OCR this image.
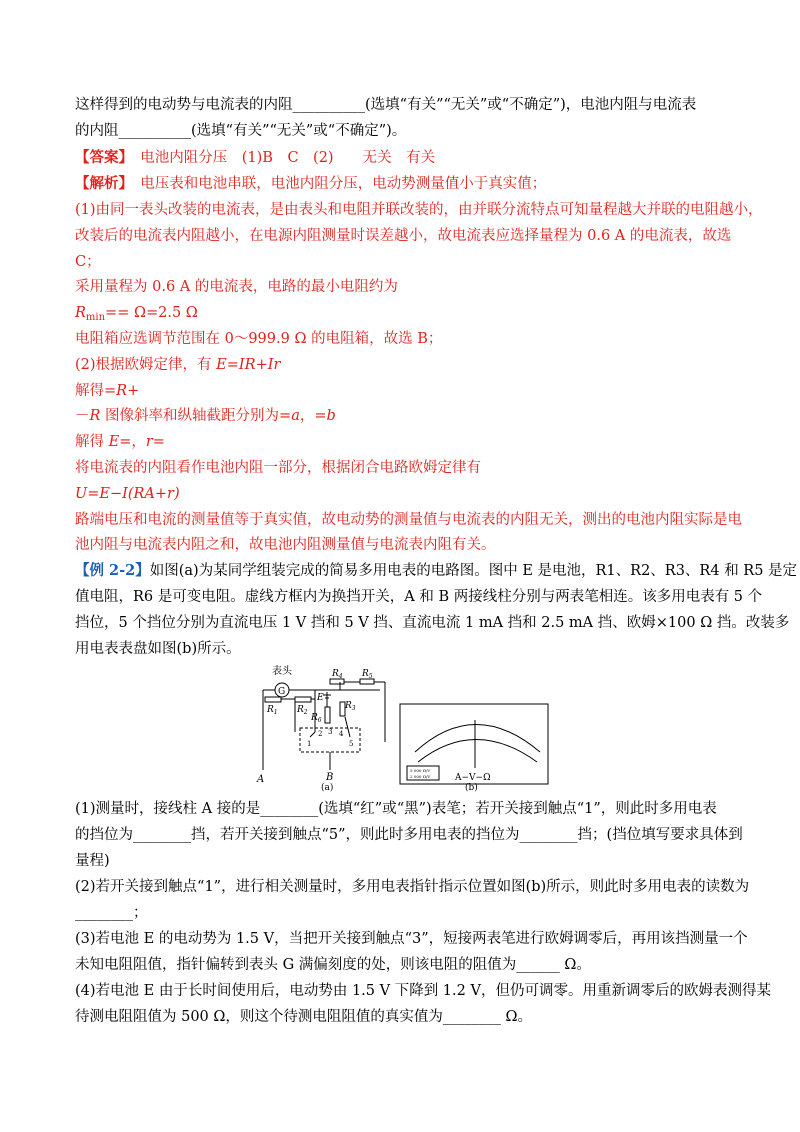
这样得到的电动势与电流表的内阻__________(选填“有关”“无关”或“不确定”)，电池内阻与电流表
的内阻__________(选填“有关”“无关”或“不确定”)。
【答案】　电池内阻分压　(1)B　C　(2)　　无关　有关
【解析】　电压表和电池串联，电池内阻分压，电动势测量值小于真实值；
(1)由同一表头改装的电流表，是由表头和电阻并联改装的，由并联分流特点可知量程越大并联的电阻越小，
改装后的电流表内阻越小，在电源内阻测量时误差越小，故电流表应选择量程为 0.6 A 的电流表，故选
C；
采用量程为 0.6 A 的电流表，电路的最小电阻约为
$R_{min}== \Omega=2.5$ Ω
电阻箱应选调节范围在 0～999.9 Ω 的电阻箱，故选 B；
(2)根据欧姆定律，有 E=IR+Ir
解得=R+
－R 图像斜率和纵轴截距分别为=a，=b
解得 E=，r=
将电流表的内阻看作电池内阻一部分，根据闭合电路欧姆定律有
U=E−I(RA+r)
路端电压和电流的测量值等于真实值，故电动势的测量值与电流表的内阻无关，测出的电池内阻实际是电
池内阻与电流表内阻之和，故电池内阻测量值与电流表内阻有关。
【例 2-2】如图(a)为某同学组装完成的简易多用电表的电路图。图中 E 是电池，R1、R2、R3、R4 和 R5 是定
值电阻，R6 是可变电阻。虚线方框内为换挡开关，A 和 B 两接线柱分别与两表笔相连。该多用电表有 5 个
挡位，5 个挡位分别为直流电压 1 V 挡和 5 V 挡、直流电流 1 mA 挡和 2.5 mA 挡、欧姆×100 Ω 挡。改装多
用电表表盘如图(b)所示。
表头
G
$R_1$ $R_2$
$R_4$ $R_5$
E
$R_3$
$R_6$
1
2 3 4
5
A	B
(a)
5 000 Ω/V
2 000 Ω/V	A−V−Ω
(b)
(1)测量时，接线柱 A 接的是________(选填“红”或“黑”)表笔；若开关接到触点“1”，则此时多用电表
的挡位为________挡，若开关接到触点“5”，则此时多用电表的挡位为________挡；(挡位填写要求具体到
量程)
(2)若开关接到触点“1”，进行相关测量时，多用电表指针指示位置如图(b)所示，则此时多用电表的读数为
________；
(3)若电池 E 的电动势为 1.5 V，当把开关接到触点“3”，短接两表笔进行欧姆调零后，再用该挡测量一个
未知电阻阻值，指针偏转到表头 G 满偏刻度的处，则该电阻的阻值为______ Ω。
(4)若电池 E 由于长时间使用后，电动势由 1.5 V 下降到 1.2 V，但仍可调零。用重新调零后的欧姆表测得某
待测电阻阻值为 500 Ω，则这个待测电阻阻值的真实值为________ Ω。
